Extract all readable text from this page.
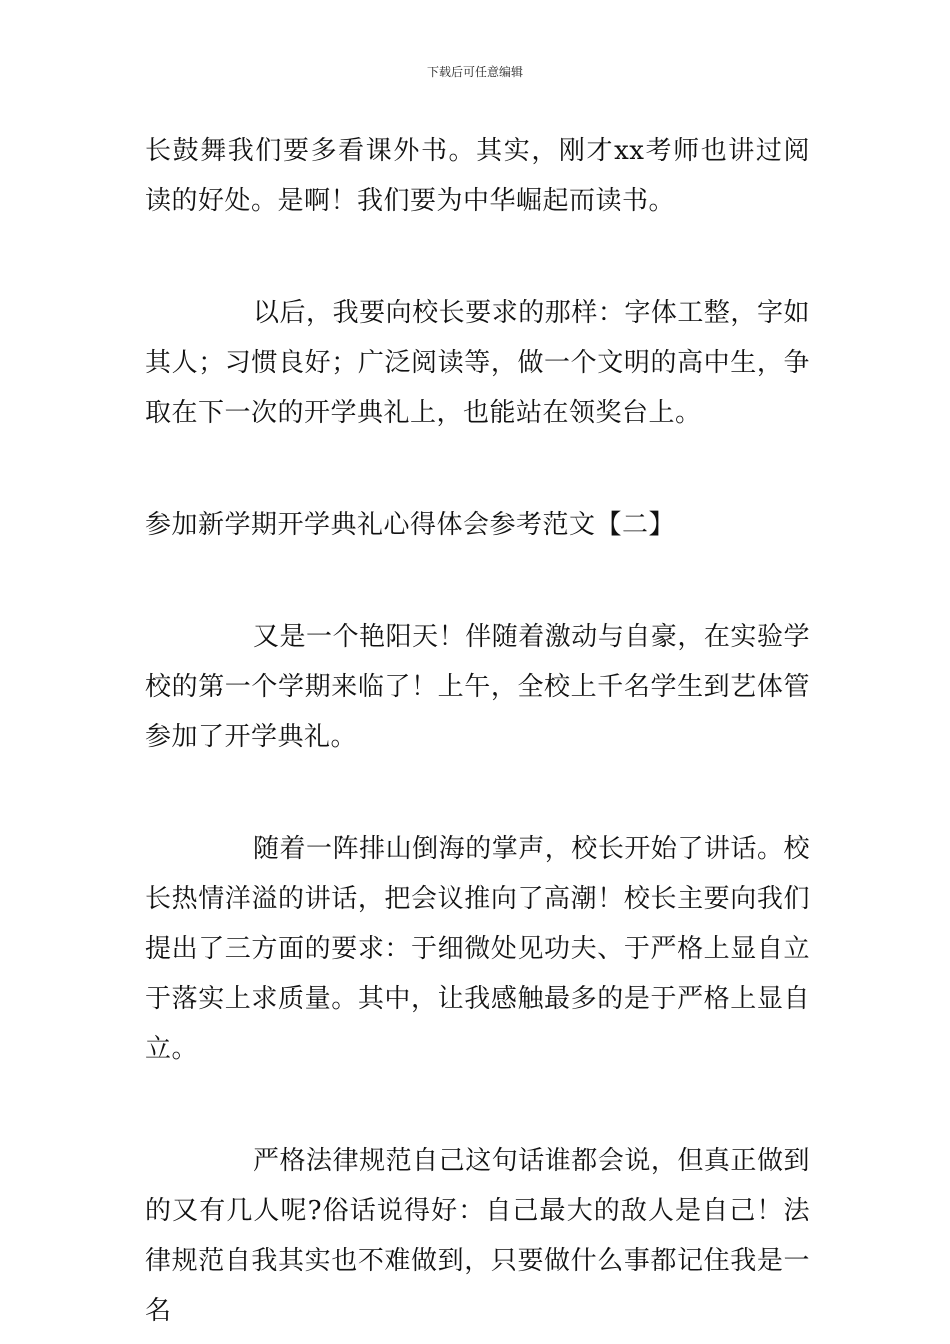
下载后可任意编辑

长鼓舞我们要多看课外书。其实，刚才xx考师也讲过阅读的好处。是啊！我们要为中华崛起而读书。

以后，我要向校长要求的那样：字体工整，字如其人；习惯良好；广泛阅读等，做一个文明的高中生，争取在下一次的开学典礼上，也能站在领奖台上。

参加新学期开学典礼心得体会参考范文【二】

又是一个艳阳天！伴随着激动与自豪，在实验学校的第一个学期来临了！上午，全校上千名学生到艺体管参加了开学典礼。

随着一阵排山倒海的掌声，校长开始了讲话。校长热情洋溢的讲话，把会议推向了高潮！校长主要向我们提出了三方面的要求：于细微处见功夫、于严格上显自立于落实上求质量。其中，让我感触最多的是于严格上显自立。

严格法律规范自己这句话谁都会说，但真正做到的又有几人呢?俗话说得好：自己最大的敌人是自己！法律规范自我其实也不难做到，只要做什么事都记住我是一名
